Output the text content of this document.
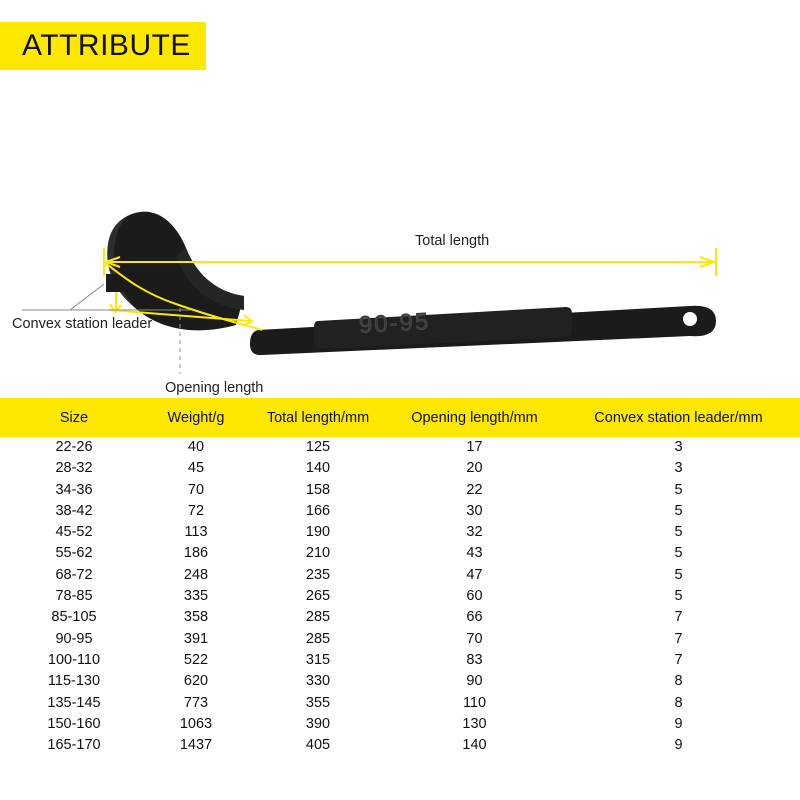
ATTRIBUTE
90-95
Total length
Convex station leader
Opening length
Size	Weight/g	Total length/mm	Opening length/mm	Convex station leader/mm
22-26	40	125	17	3
28-32	45	140	20	3
34-36	70	158	22	5
38-42	72	166	30	5
45-52	113	190	32	5
55-62	186	210	43	5
68-72	248	235	47	5
78-85	335	265	60	5
85-105	358	285	66	7
90-95	391	285	70	7
100-110	522	315	83	7
115-130	620	330	90	8
135-145	773	355	110	8
150-160	1063	390	130	9
165-170	1437	405	140	9
